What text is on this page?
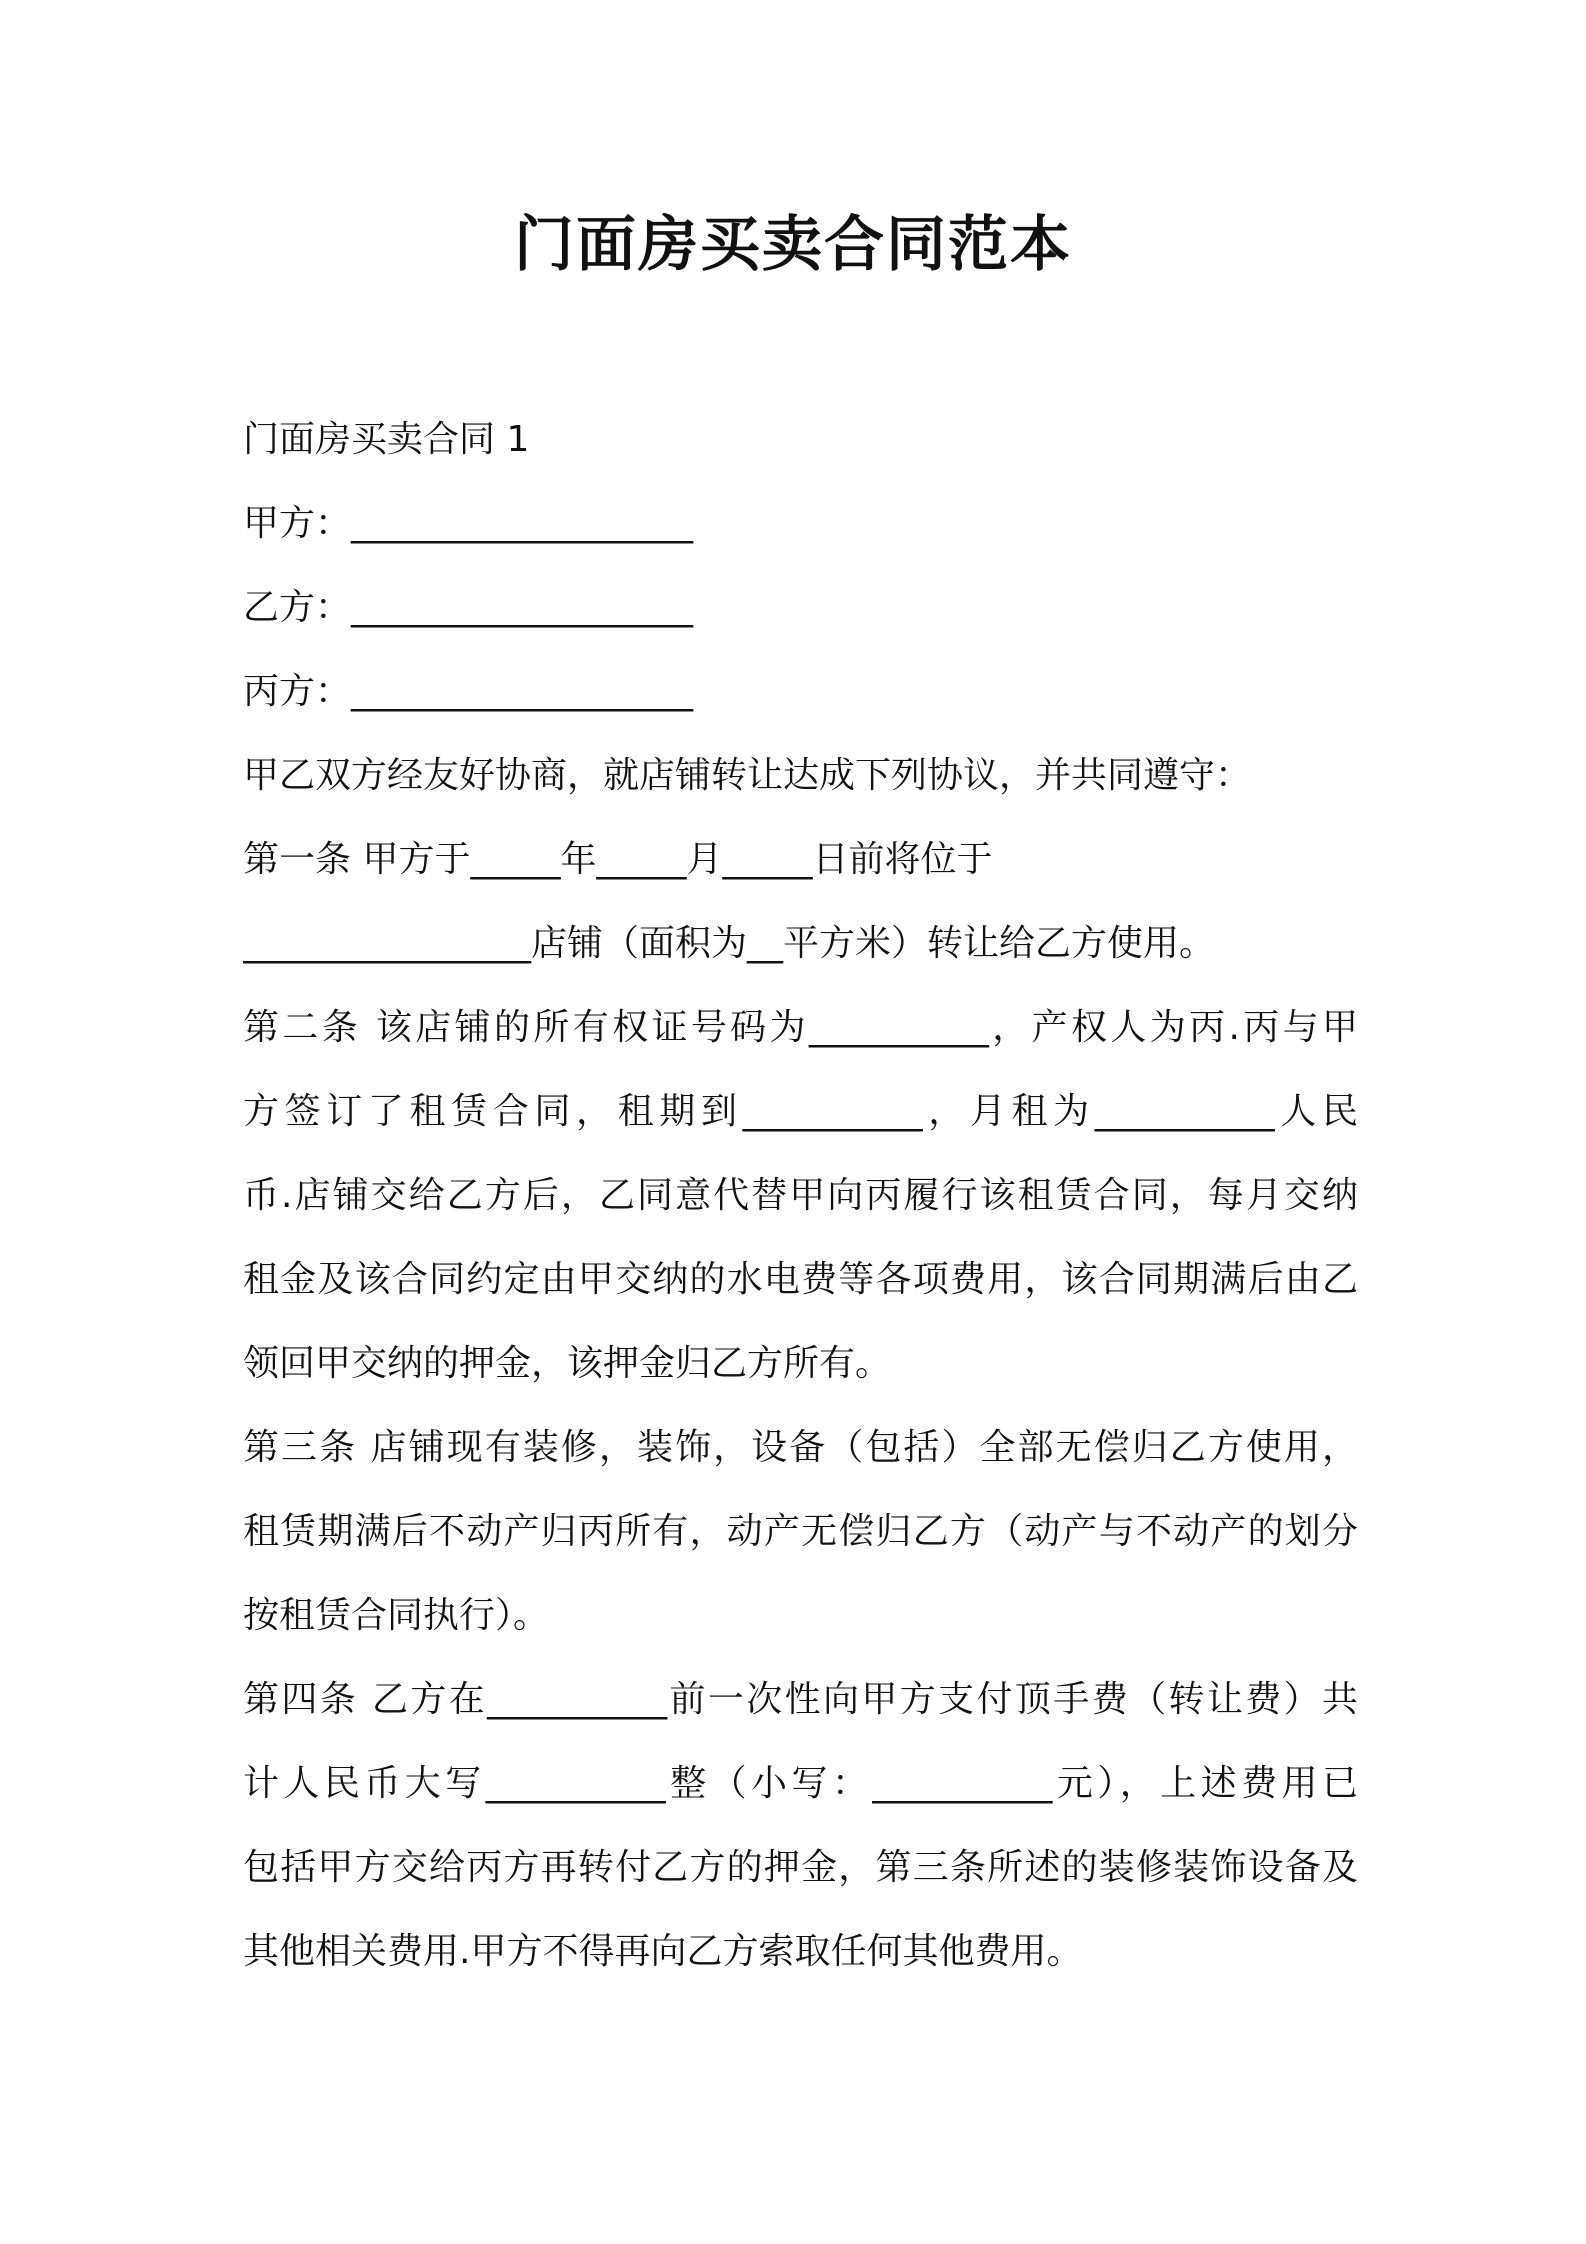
门面房买卖合同范本
门面房买卖合同 1
甲方：___________________
乙方：___________________
丙方：___________________
甲乙双方经友好协商，就店铺转让达成下列协议，并共同遵守：
第一条 甲方于_____年_____月_____日前将位于
________________店铺（面积为__平方米）转让给乙方使用。
第二条 该店铺的所有权证号码为__________，产权人为丙.丙与甲
方签订了租赁合同，租期到__________，月租为__________人民
币.店铺交给乙方后，乙同意代替甲向丙履行该租赁合同，每月交纳
租金及该合同约定由甲交纳的水电费等各项费用，该合同期满后由乙
领回甲交纳的押金，该押金归乙方所有。
第三条 店铺现有装修，装饰，设备（包括）全部无偿归乙方使用，
租赁期满后不动产归丙所有，动产无偿归乙方（动产与不动产的划分
按租赁合同执行）。
第四条 乙方在__________前一次性向甲方支付顶手费（转让费）共
计人民币大写__________整（小写：__________元），上述费用已
包括甲方交给丙方再转付乙方的押金，第三条所述的装修装饰设备及
其他相关费用.甲方不得再向乙方索取任何其他费用。
